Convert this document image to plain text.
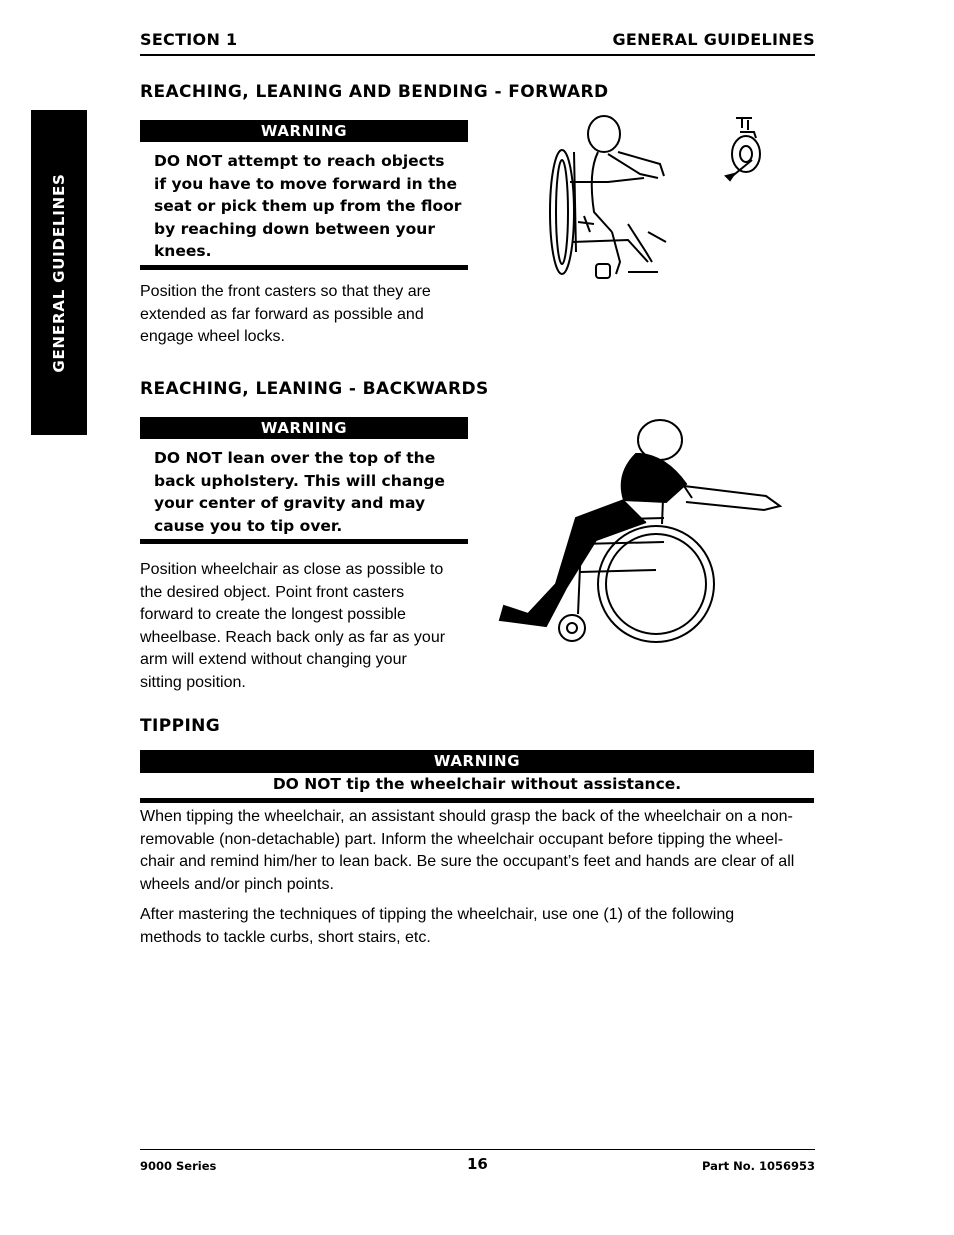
SECTION 1	GENERAL GUIDELINES
GENERAL GUIDELINES
REACHING, LEANING AND BENDING - FORWARD
WARNING
DO NOT attempt to reach objects
if you have to move forward in the
seat or pick them up from the floor
by reaching down between your
knees.
Position the front casters so that they are
extended as far forward as possible and
engage wheel locks.
REACHING, LEANING - BACKWARDS
WARNING
DO NOT lean over the top of the
back upholstery. This will change
your center of gravity and may
cause you to tip over.
Position wheelchair as close as possible to
the desired object. Point front casters
forward to create the longest possible
wheelbase. Reach back only as far as your
arm will extend without changing your
sitting position.
TIPPING
WARNING
DO NOT tip the wheelchair without assistance.
When tipping the wheelchair, an assistant should grasp the back of the wheelchair on a non-
removable (non-detachable) part. Inform the wheelchair occupant before tipping the wheel-
chair and remind him/her to lean back. Be sure the occupant’s feet and hands are clear of all
wheels and/or pinch points.
After mastering the techniques of tipping the wheelchair, use one (1) of the following
methods to tackle curbs, short stairs, etc.
9000 Series	16	Part No. 1056953
